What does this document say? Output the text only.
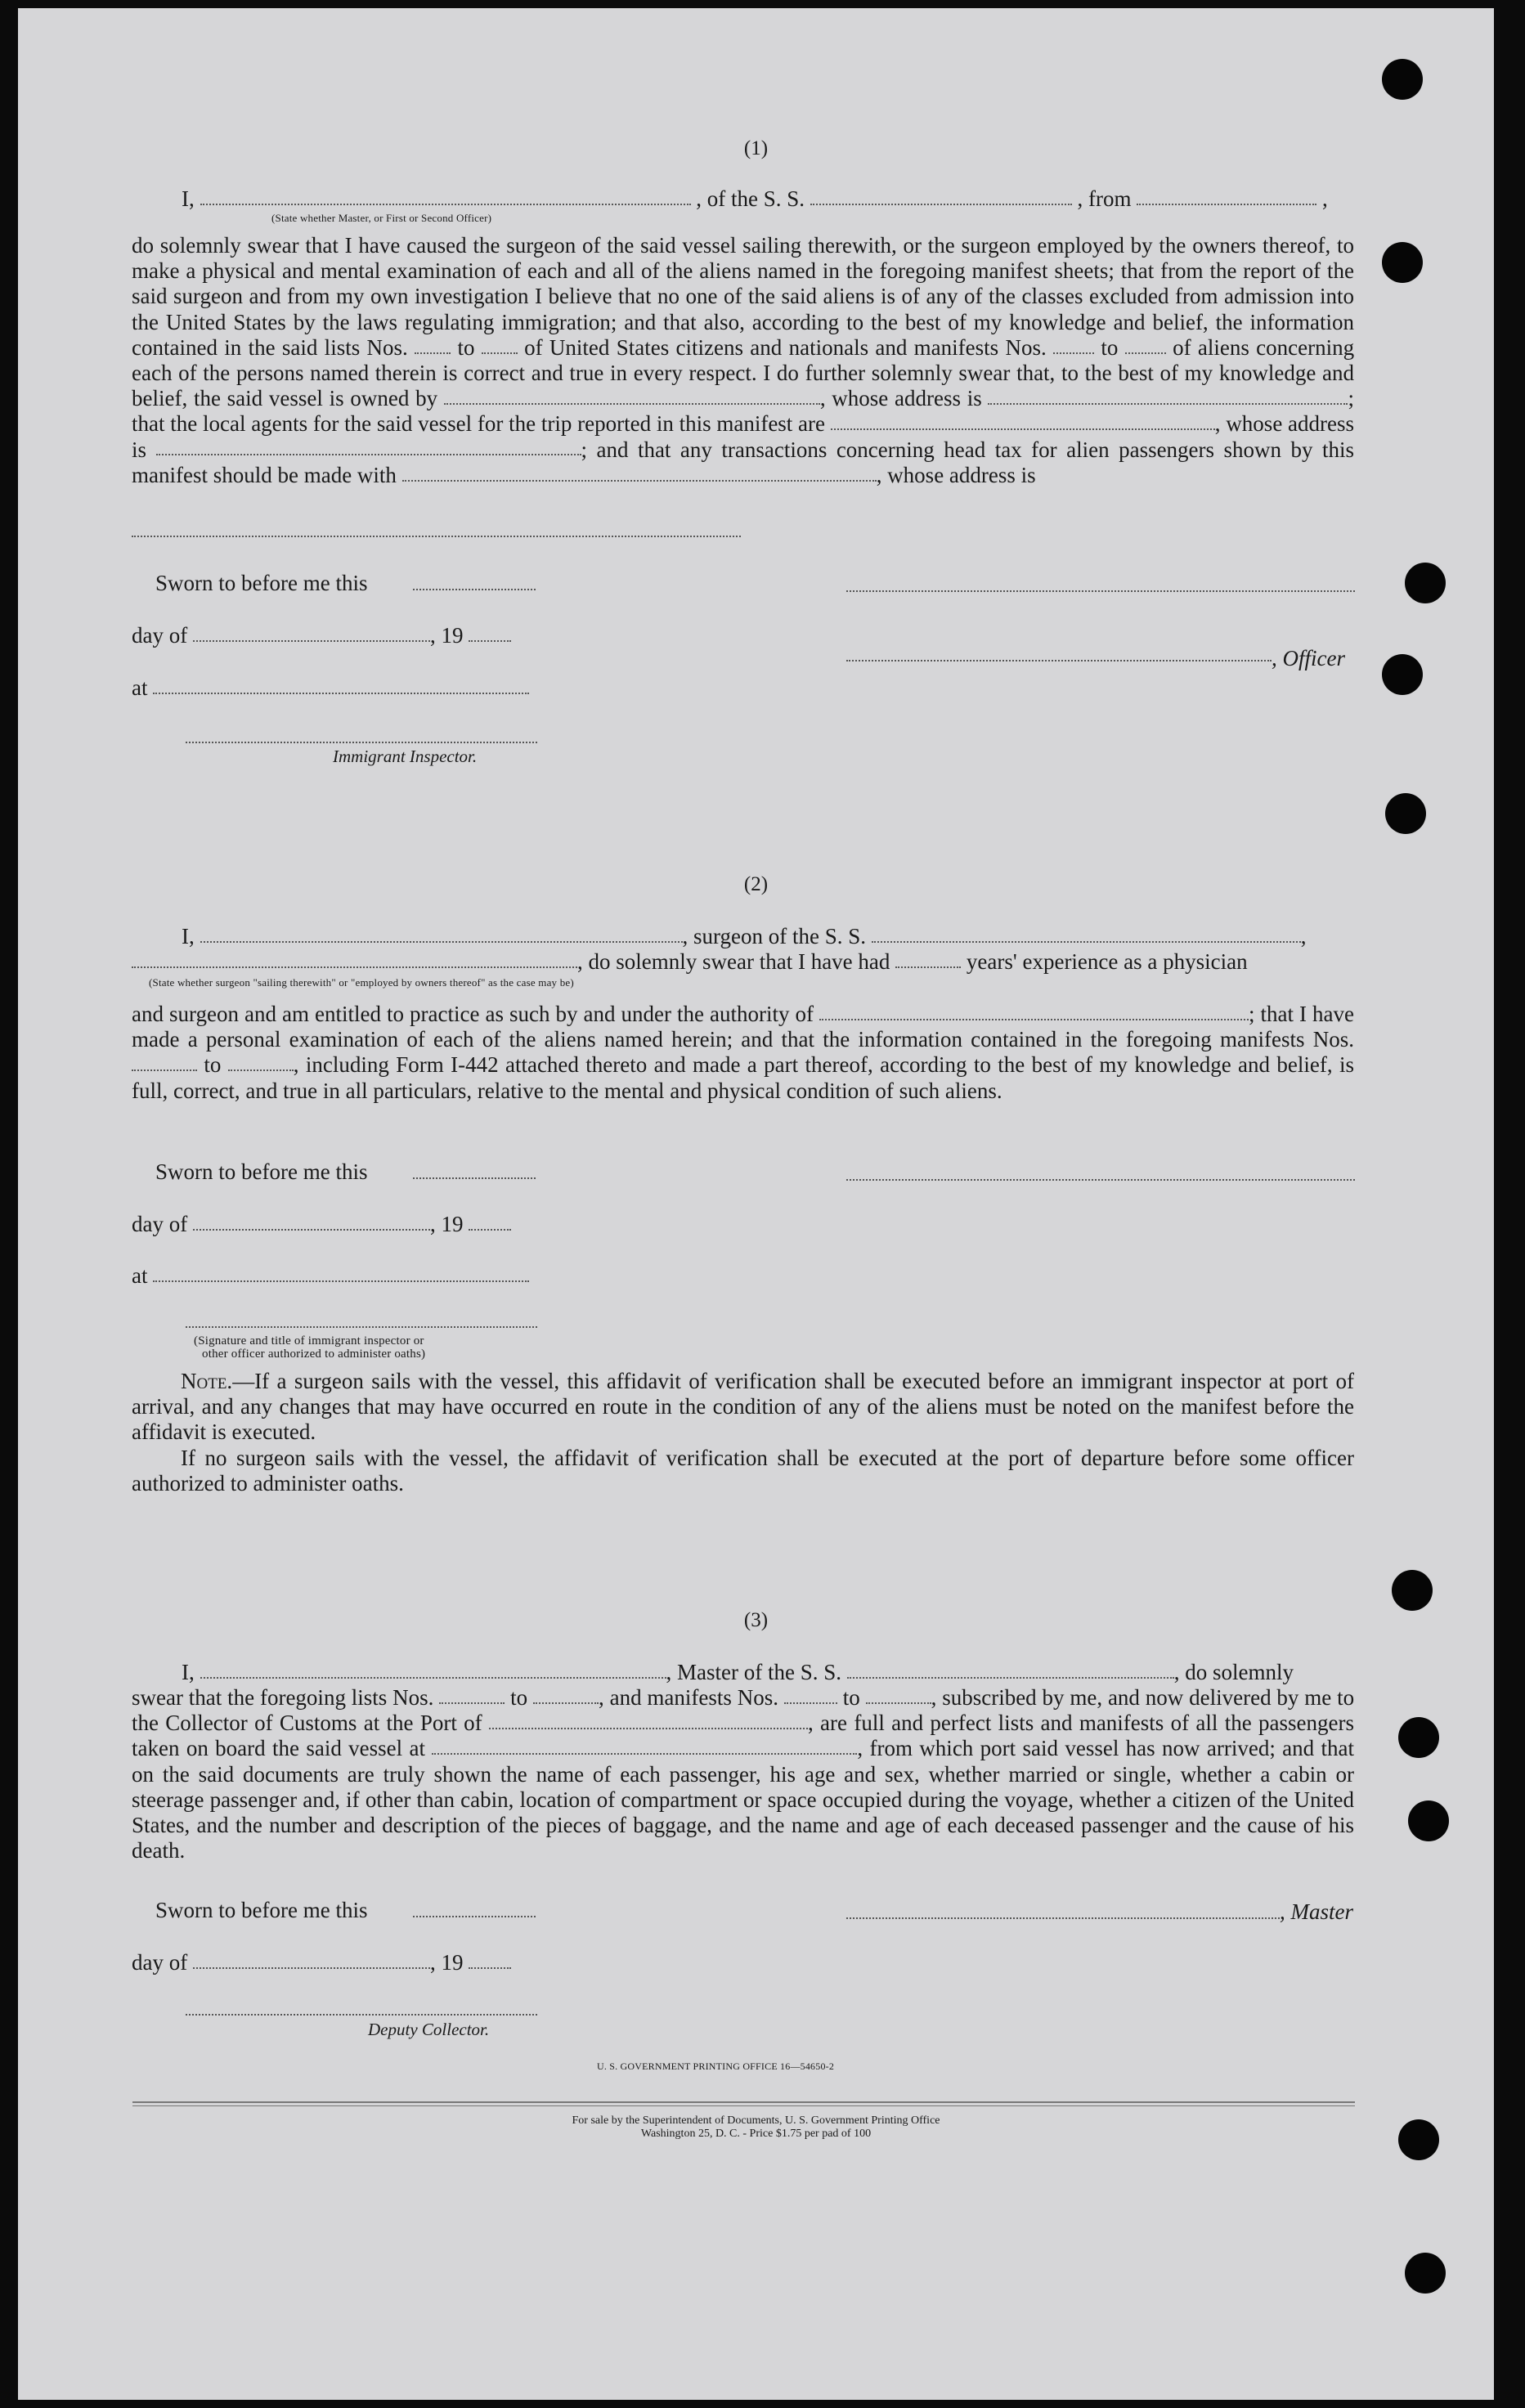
(1)
I,	, of the S. S.	, from	,
(State whether Master, or First or Second Officer)

do solemnly swear that I have caused the surgeon of the said vessel sailing therewith, or the surgeon employed by the owners thereof, to make a physical and mental examination of each and all of the aliens named in the foregoing manifest sheets; that from the report of the said surgeon and from my own investigation I believe that no one of the said aliens is of any of the classes excluded from admission into the United States by the laws regulating immigration; and that also, according to the best of my knowledge and belief, the information contained in the said lists Nos. to of United States citizens and nationals and manifests Nos. to of aliens concerning each of the persons named therein is correct and true in every respect. I do further solemnly swear that, to the best of my knowledge and belief, the said vessel is owned by	, whose address is	; that the local agents for the said vessel for the trip reported in this manifest are	, whose address is	; and that any transactions concerning head tax for alien passengers shown by this manifest should be made with	, whose address is

Sworn to before me this
day of	, 19
, Officer
at
Immigrant Inspector.
(2)
I,	, surgeon of the S. S.	,
, do solemnly swear that I have had	years' experience as a physician
(State whether surgeon "sailing therewith" or "employed by owners thereof" as the case may be)

and surgeon and am entitled to practice as such by and under the authority of	; that I have made a personal examination of each of the aliens named herein; and that the information contained in the foregoing manifests Nos.  to	, including Form I-442 attached thereto and made a part thereof, according to the best of my knowledge and belief, is full, correct, and true in all particulars, relative to the mental and physical condition of such aliens.

Sworn to before me this
day of	, 19
at
(Signature and title of immigrant inspector or
other officer authorized to administer oaths)

Note.—If a surgeon sails with the vessel, this affidavit of verification shall be executed before an immigrant inspector at port of arrival, and any changes that may have occurred en route in the condition of any of the aliens must be noted on the manifest before the affidavit is executed.

If no surgeon sails with the vessel, the affidavit of verification shall be executed at the port of departure before some officer authorized to administer oaths.

(3)
I,	, Master of the S. S.	, do solemnly

swear that the foregoing lists Nos.	to	, and manifests Nos.	to	, subscribed by me, and now delivered by me to the Collector of Customs at the Port of	, are full and perfect lists and manifests of all the passengers taken on board the said vessel at	, from which port said vessel has now arrived; and that on the said documents are truly shown the name of each passenger, his age and sex, whether married or single, whether a cabin or steerage passenger and, if other than cabin, location of compartment or space occupied during the voyage, whether a citizen of the United States, and the number and description of the pieces of baggage, and the name and age of each deceased passenger and the cause of his death.

Sworn to before me this	, Master
day of	, 19
Deputy Collector.
U. S. GOVERNMENT PRINTING OFFICE 16—54650-2
For sale by the Superintendent of Documents, U. S. Government Printing Office
Washington 25, D. C. - Price $1.75 per pad of 100
